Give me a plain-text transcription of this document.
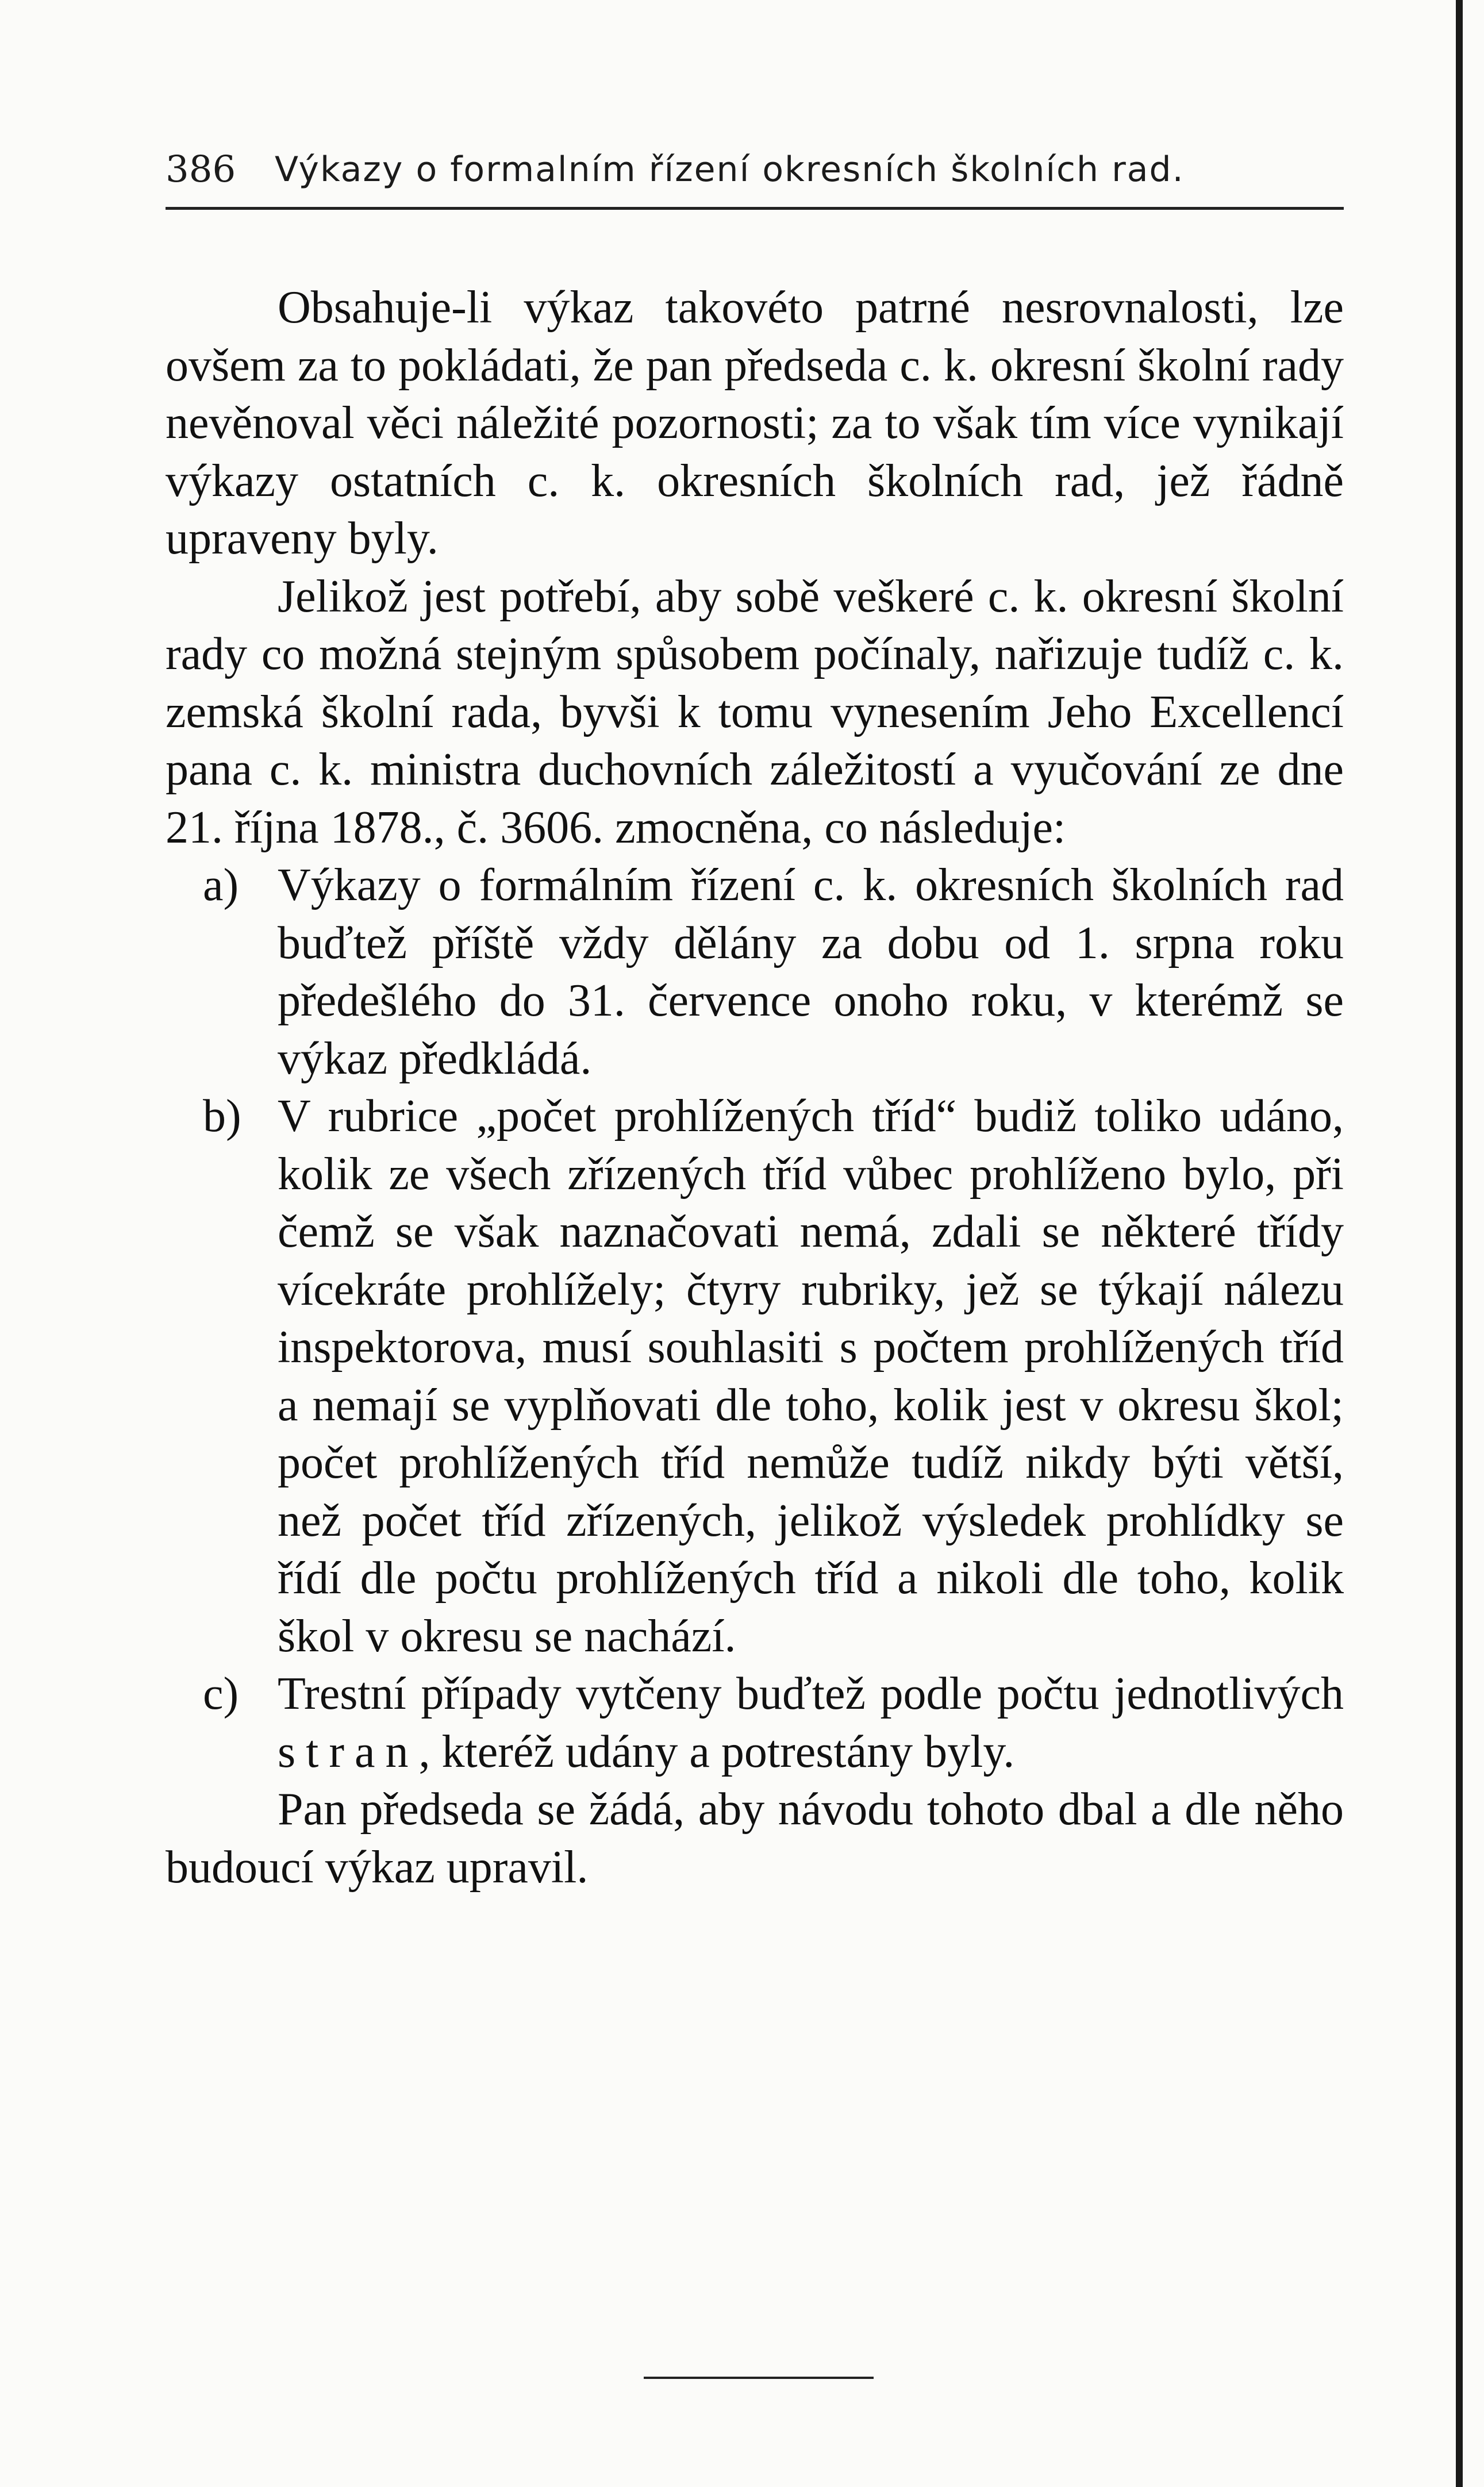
386 Výkazy o formalním řízení okresních školních rad.

Obsahuje-li výkaz takovéto patrné nesrovnalosti, lze ovšem za to pokládati, že pan předseda c. k. okresní školní rady nevěnoval věci náležité pozornosti; za to však tím více vynikají výkazy ostatních c. k. okresních školních rad, jež řádně upraveny byly.

Jelikož jest potřebí, aby sobě veškeré c. k. okresní školní rady co možná stejným spůsobem počínaly, nařizuje tudíž c. k. zemská školní rada, byvši k tomu vynesením Jeho Excellencí pana c. k. ministra duchovních záležitostí a vyučování ze dne 21. října 1878., č. 3606. zmocněna, co následuje:

a) Výkazy o formálním řízení c. k. okresních školních rad buďtež příště vždy dělány za dobu od 1. srpna roku předešlého do 31. července onoho roku, v kterémž se výkaz předkládá.
b) V rubrice „počet prohlížených tříd“ budiž toliko udáno, kolik ze všech zřízených tříd vůbec prohlíženo bylo, při čemž se však naznačovati nemá, zdali se některé třídy vícekráte prohlížely; čtyry rubriky, jež se týkají nálezu inspektorova, musí souhlasiti s počtem prohlížených tříd a nemají se vyplňovati dle toho, kolik jest v okresu škol; počet prohlížených tříd nemůže tudíž nikdy býti větší, než počet tříd zřízených, jelikož výsledek prohlídky se řídí dle počtu prohlížených tříd a nikoli dle toho, kolik škol v okresu se nachází.
c) Trestní případy vytčeny buďtež podle počtu jednotlivých stran, kteréž udány a potrestány byly.

Pan předseda se žádá, aby návodu tohoto dbal a dle něho budoucí výkaz upravil.
